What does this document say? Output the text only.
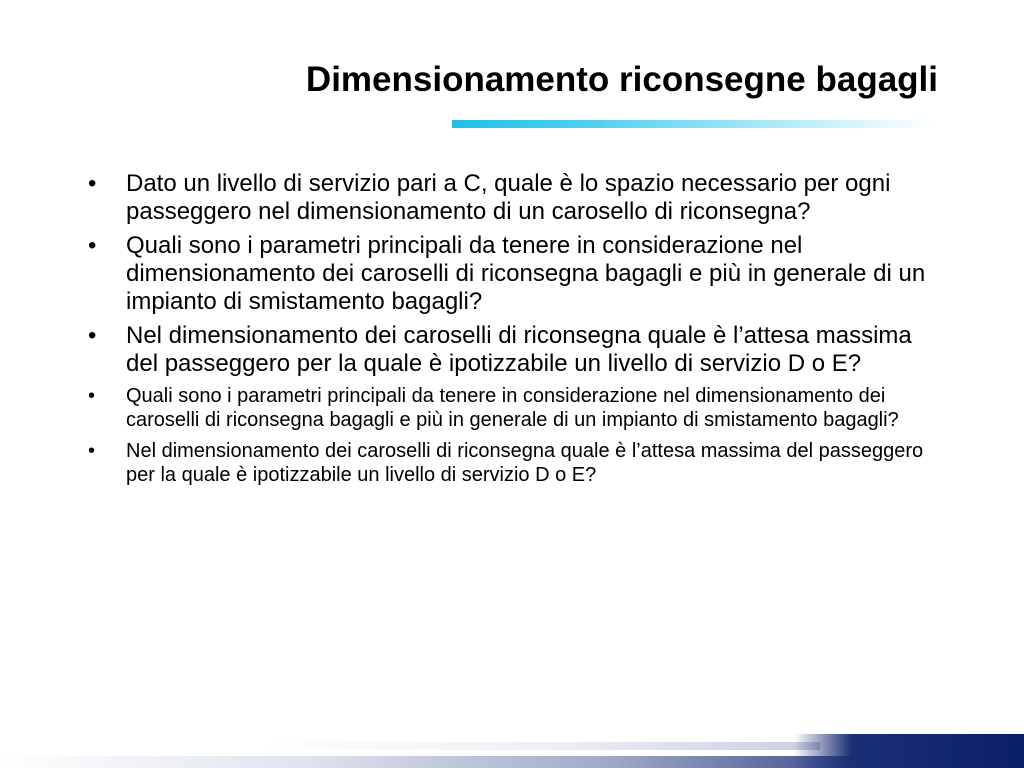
Dimensionamento riconsegne bagagli
•	Dato un livello di servizio pari a C, quale è lo spazio necessario per ogni passeggero nel dimensionamento di un carosello di riconsegna?
•	Quali sono i parametri principali da tenere in considerazione nel dimensionamento dei caroselli di riconsegna bagagli e più in generale di un impianto di smistamento bagagli?
•	Nel dimensionamento dei caroselli di riconsegna quale è l’attesa massima del passeggero per la quale è ipotizzabile un livello di servizio D o E?
•	Quali sono i parametri principali da tenere in considerazione nel dimensionamento dei caroselli di riconsegna bagagli e più in generale di un impianto di smistamento bagagli?
•	Nel dimensionamento dei caroselli di riconsegna quale è l’attesa massima del passeggero per la quale è ipotizzabile un livello di servizio D o E?
